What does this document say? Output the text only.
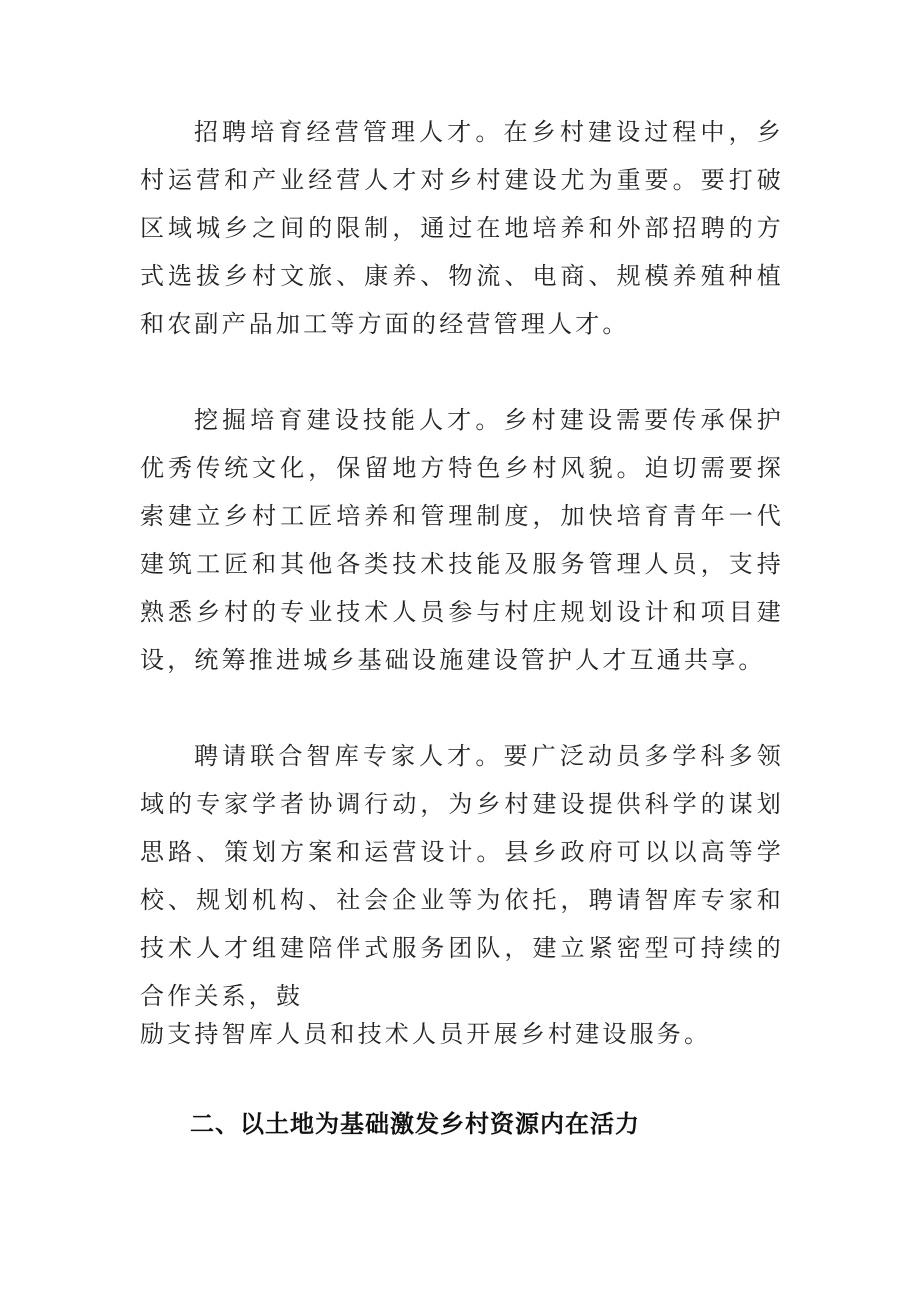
招聘培育经营管理人才。在乡村建设过程中，乡村运营和产业经营人才对乡村建设尤为重要。要打破区域城乡之间的限制，通过在地培养和外部招聘的方式选拔乡村文旅、康养、物流、电商、规模养殖种植和农副产品加工等方面的经营管理人才。

挖掘培育建设技能人才。乡村建设需要传承保护优秀传统文化，保留地方特色乡村风貌。迫切需要探索建立乡村工匠培养和管理制度，加快培育青年一代建筑工匠和其他各类技术技能及服务管理人员，支持熟悉乡村的专业技术人员参与村庄规划设计和项目建设，统筹推进城乡基础设施建设管护人才互通共享。

聘请联合智库专家人才。要广泛动员多学科多领域的专家学者协调行动，为乡村建设提供科学的谋划思路、策划方案和运营设计。县乡政府可以以高等学校、规划机构、社会企业等为依托，聘请智库专家和技术人才组建陪伴式服务团队，建立紧密型可持续的合作关系，鼓

励支持智库人员和技术人员开展乡村建设服务。

二、以土地为基础激发乡村资源内在活力
